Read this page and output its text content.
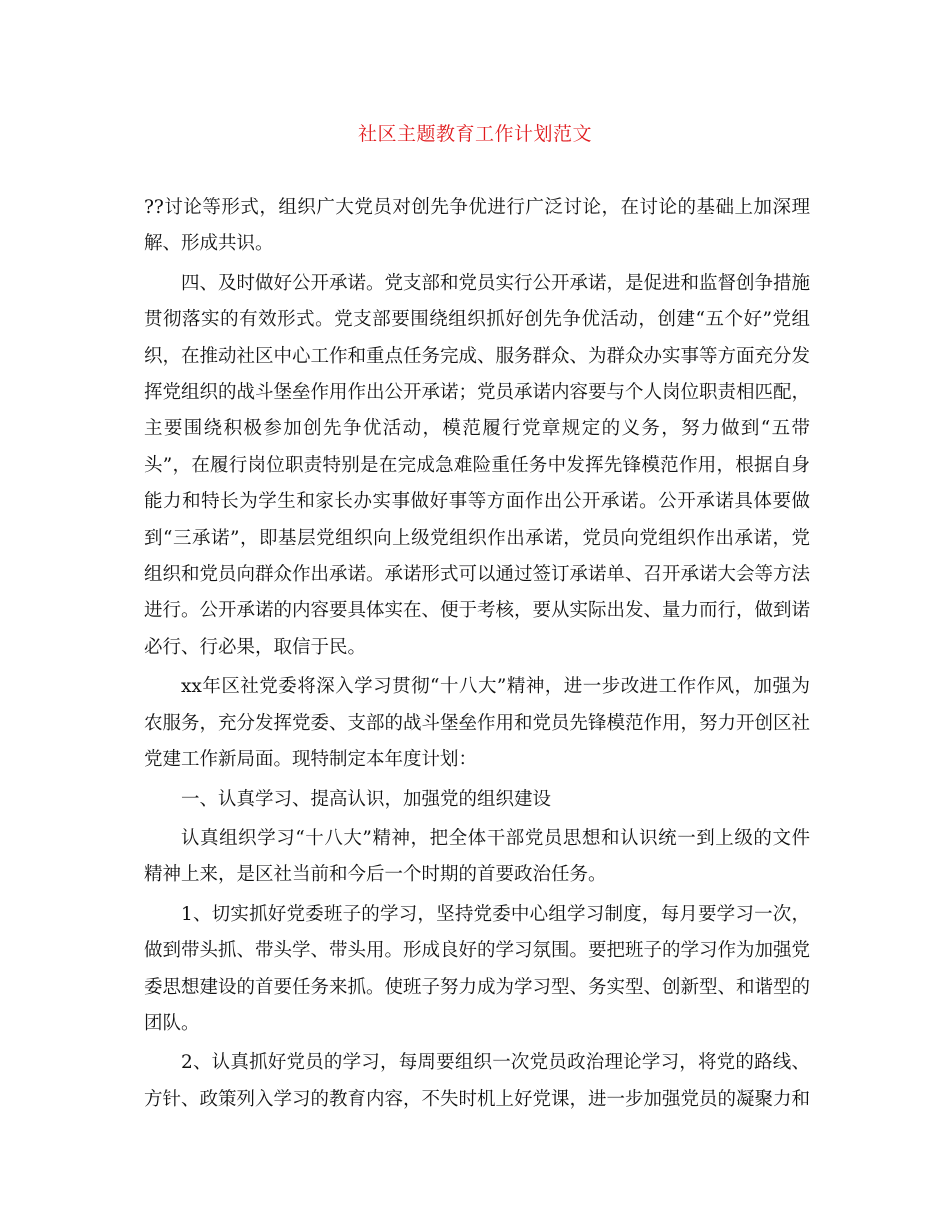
社区主题教育工作计划范文

??讨论等形式，组织广大党员对创先争优进行广泛讨论，在讨论的基础上加深理解、形成共识。

四、及时做好公开承诺。党支部和党员实行公开承诺，是促进和监督创争措施贯彻落实的有效形式。党支部要围绕组织抓好创先争优活动，创建“五个好”党组织，在推动社区中心工作和重点任务完成、服务群众、为群众办实事等方面充分发挥党组织的战斗堡垒作用作出公开承诺；党员承诺内容要与个人岗位职责相匹配，主要围绕积极参加创先争优活动，模范履行党章规定的义务，努力做到“五带头”，在履行岗位职责特别是在完成急难险重任务中发挥先锋模范作用，根据自身能力和特长为学生和家长办实事做好事等方面作出公开承诺。公开承诺具体要做到“三承诺”，即基层党组织向上级党组织作出承诺，党员向党组织作出承诺，党组织和党员向群众作出承诺。承诺形式可以通过签订承诺单、召开承诺大会等方法进行。公开承诺的内容要具体实在、便于考核，要从实际出发、量力而行，做到诺必行、行必果，取信于民。

xx年区社党委将深入学习贯彻“十八大”精神，进一步改进工作作风，加强为农服务，充分发挥党委、支部的战斗堡垒作用和党员先锋模范作用，努力开创区社党建工作新局面。现特制定本年度计划：

一、认真学习、提高认识，加强党的组织建设

认真组织学习“十八大”精神，把全体干部党员思想和认识统一到上级的文件精神上来，是区社当前和今后一个时期的首要政治任务。

1、切实抓好党委班子的学习，坚持党委中心组学习制度，每月要学习一次，做到带头抓、带头学、带头用。形成良好的学习氛围。要把班子的学习作为加强党委思想建设的首要任务来抓。使班子努力成为学习型、务实型、创新型、和谐型的团队。

2、认真抓好党员的学习，每周要组织一次党员政治理论学习，将党的路线、方针、政策列入学习的教育内容，不失时机上好党课，进一步加强党员的凝聚力和
